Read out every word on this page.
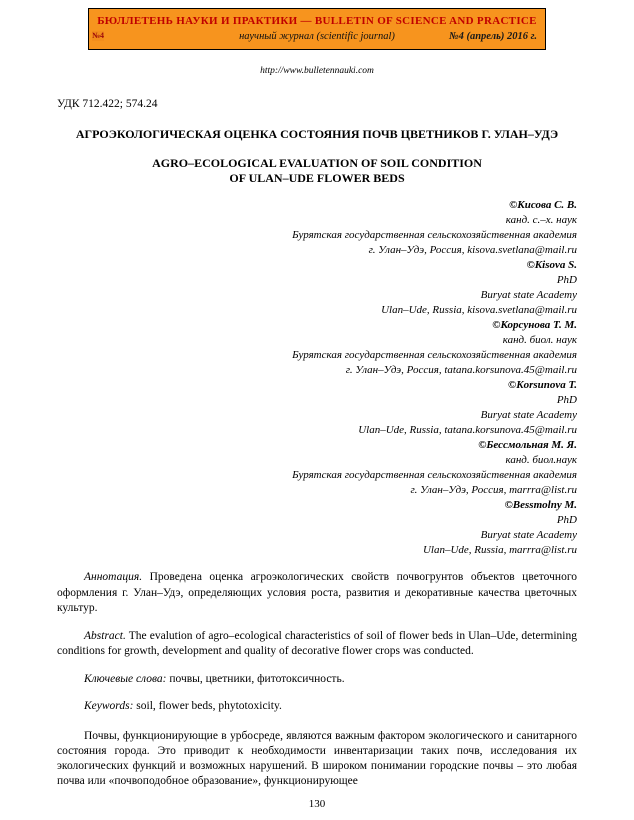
БЮЛЛЕТЕНЬ НАУКИ И ПРАКТИКИ — BULLETIN OF SCIENCE AND PRACTICE
№4	научный журнал (scientific journal)	№4 (апрель) 2016 г.
http://www.bulletennauki.com
УДК 712.422; 574.24
АГРОЭКОЛОГИЧЕСКАЯ ОЦЕНКА СОСТОЯНИЯ ПОЧВ ЦВЕТНИКОВ Г. УЛАН–УДЭ
AGRO–ECOLOGICAL EVALUATION OF SOIL CONDITION
OF ULAN–UDE FLOWER BEDS
©Кисова С. В.
канд. с.–х. наук
Бурятская государственная сельскохозяйственная академия
г. Улан–Удэ, Россия, kisova.svetlana@mail.ru
©Kisova S.
PhD
Buryat state Academy
Ulan–Ude, Russia, kisova.svetlana@mail.ru
©Корсунова Т. М.
канд. биол. наук
Бурятская государственная сельскохозяйственная академия
г. Улан–Удэ, Россия, tatana.korsunova.45@mail.ru
©Korsunova T.
PhD
Buryat state Academy
Ulan–Ude, Russia, tatana.korsunova.45@mail.ru
©Бессмольная М. Я.
канд. биол.наук
Бурятская государственная сельскохозяйственная академия
г. Улан–Удэ, Россия, marrra@list.ru
©Bessmolny M.
PhD
Buryat state Academy
Ulan–Ude, Russia, marrra@list.ru

Аннотация. Проведена оценка агроэкологических свойств почвогрунтов объектов цветочного оформления г. Улан–Удэ, определяющих условия роста, развития и декоративные качества цветочных культур.

Abstract. The evalution of agro–ecological characteristics of soil of flower beds in Ulan–Ude, determining conditions for growth, development and quality of decorative flower crops was conducted.

Ключевые слова: почвы, цветники, фитотоксичность.

Keywords: soil, flower beds, phytotoxicity.

Почвы, функционирующие в урбосреде, являются важным фактором экологического и санитарного состояния города. Это приводит к необходимости инвентаризации таких почв, исследования их экологических функций и возможных нарушений. В широком понимании городские почвы – это любая почва или «почвоподобное образование», функционирующее

130
